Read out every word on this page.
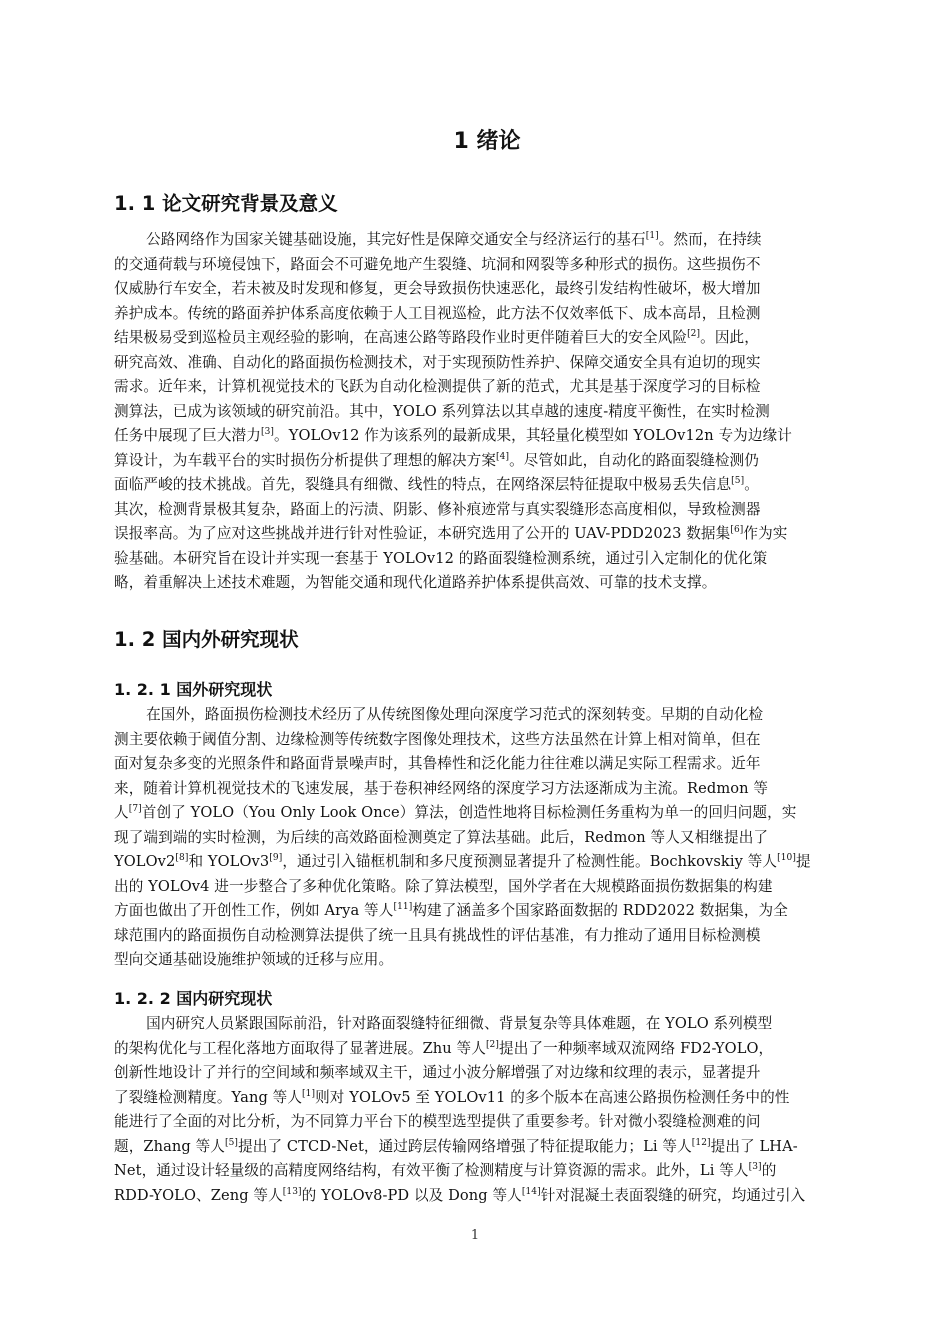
1 绪论
1. 1 论文研究背景及意义
公路网络作为国家关键基础设施，其完好性是保障交通安全与经济运行的基石[1]。然而，在持续
的交通荷载与环境侵蚀下，路面会不可避免地产生裂缝、坑洞和网裂等多种形式的损伤。这些损伤不
仅威胁行车安全，若未被及时发现和修复，更会导致损伤快速恶化，最终引发结构性破坏，极大增加
养护成本。传统的路面养护体系高度依赖于人工目视巡检，此方法不仅效率低下、成本高昂，且检测
结果极易受到巡检员主观经验的影响，在高速公路等路段作业时更伴随着巨大的安全风险[2]。因此，
研究高效、准确、自动化的路面损伤检测技术，对于实现预防性养护、保障交通安全具有迫切的现实
需求。近年来，计算机视觉技术的飞跃为自动化检测提供了新的范式，尤其是基于深度学习的目标检
测算法，已成为该领域的研究前沿。其中，YOLO 系列算法以其卓越的速度-精度平衡性，在实时检测
任务中展现了巨大潜力[3]。YOLOv12 作为该系列的最新成果，其轻量化模型如 YOLOv12n 专为边缘计
算设计，为车载平台的实时损伤分析提供了理想的解决方案[4]。尽管如此，自动化的路面裂缝检测仍
面临严峻的技术挑战。首先，裂缝具有细微、线性的特点，在网络深层特征提取中极易丢失信息[5]。
其次，检测背景极其复杂，路面上的污渍、阴影、修补痕迹常与真实裂缝形态高度相似，导致检测器
误报率高。为了应对这些挑战并进行针对性验证，本研究选用了公开的 UAV-PDD2023 数据集[6]作为实
验基础。本研究旨在设计并实现一套基于 YOLOv12 的路面裂缝检测系统，通过引入定制化的优化策
略，着重解决上述技术难题，为智能交通和现代化道路养护体系提供高效、可靠的技术支撑。
1. 2 国内外研究现状
1. 2. 1 国外研究现状
在国外，路面损伤检测技术经历了从传统图像处理向深度学习范式的深刻转变。早期的自动化检
测主要依赖于阈值分割、边缘检测等传统数字图像处理技术，这些方法虽然在计算上相对简单，但在
面对复杂多变的光照条件和路面背景噪声时，其鲁棒性和泛化能力往往难以满足实际工程需求。近年
来，随着计算机视觉技术的飞速发展，基于卷积神经网络的深度学习方法逐渐成为主流。Redmon 等
人[7]首创了 YOLO（You Only Look Once）算法，创造性地将目标检测任务重构为单一的回归问题，实
现了端到端的实时检测，为后续的高效路面检测奠定了算法基础。此后，Redmon 等人又相继提出了
YOLOv2[8]和 YOLOv3[9]，通过引入锚框机制和多尺度预测显著提升了检测性能。Bochkovskiy 等人[10]提
出的 YOLOv4 进一步整合了多种优化策略。除了算法模型，国外学者在大规模路面损伤数据集的构建
方面也做出了开创性工作，例如 Arya 等人[11]构建了涵盖多个国家路面数据的 RDD2022 数据集，为全
球范围内的路面损伤自动检测算法提供了统一且具有挑战性的评估基准，有力推动了通用目标检测模
型向交通基础设施维护领域的迁移与应用。
1. 2. 2 国内研究现状
国内研究人员紧跟国际前沿，针对路面裂缝特征细微、背景复杂等具体难题，在 YOLO 系列模型
的架构优化与工程化落地方面取得了显著进展。Zhu 等人[2]提出了一种频率域双流网络 FD2-YOLO，
创新性地设计了并行的空间域和频率域双主干，通过小波分解增强了对边缘和纹理的表示，显著提升
了裂缝检测精度。Yang 等人[1]则对 YOLOv5 至 YOLOv11 的多个版本在高速公路损伤检测任务中的性
能进行了全面的对比分析，为不同算力平台下的模型选型提供了重要参考。针对微小裂缝检测难的问
题，Zhang 等人[5]提出了 CTCD-Net，通过跨层传输网络增强了特征提取能力；Li 等人[12]提出了 LHA-
Net，通过设计轻量级的高精度网络结构，有效平衡了检测精度与计算资源的需求。此外，Li 等人[3]的
RDD-YOLO、Zeng 等人[13]的 YOLOv8-PD 以及 Dong 等人[14]针对混凝土表面裂缝的研究，均通过引入
1
